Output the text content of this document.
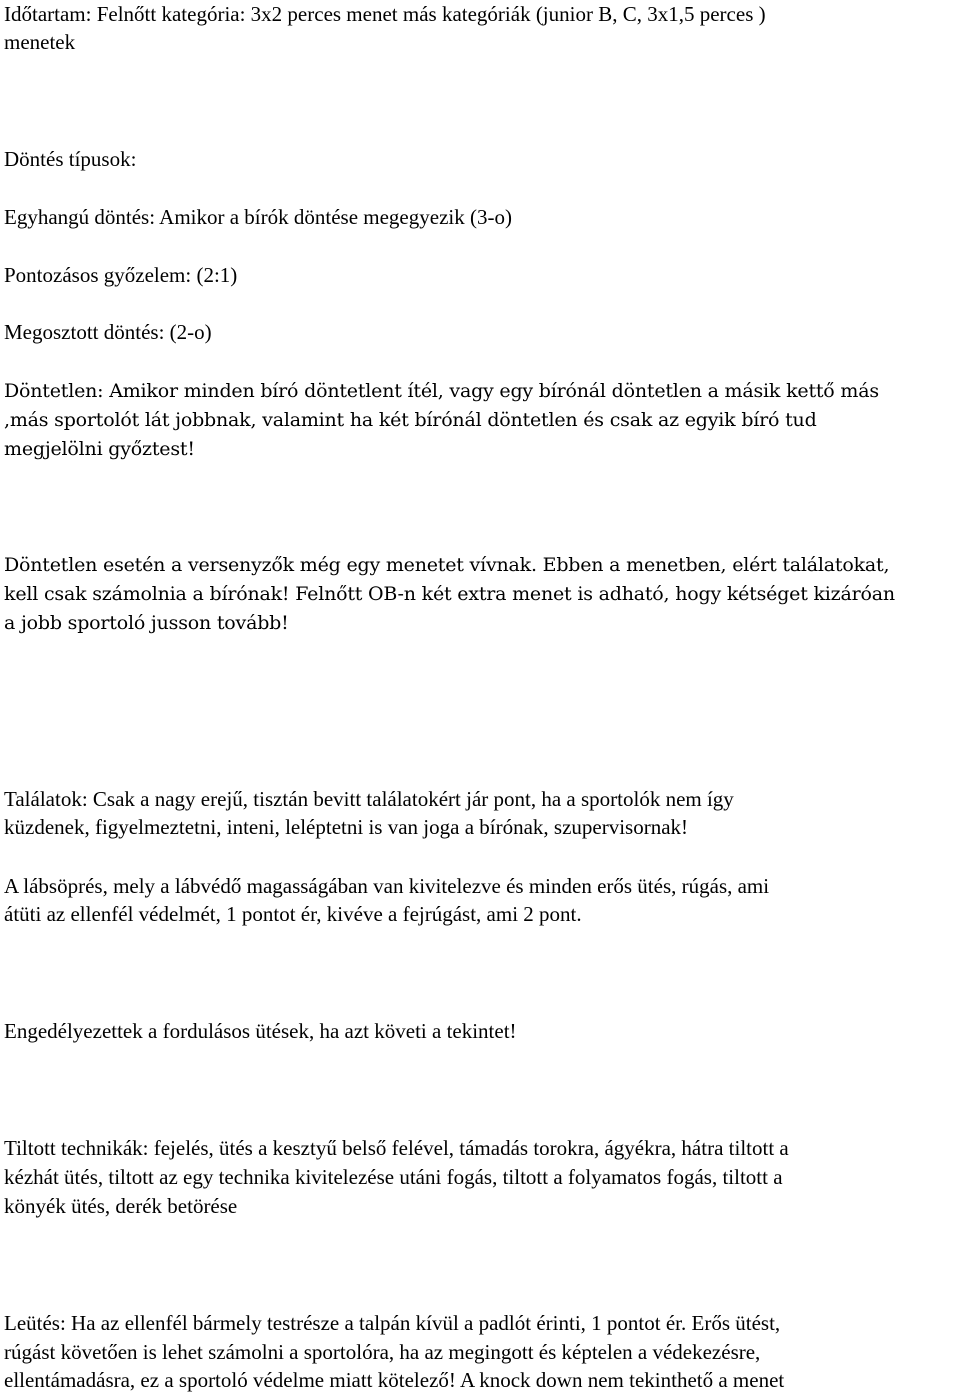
Időtartam: Felnőtt kategória: 3x2 perces menet más kategóriák (junior B, C, 3x1,5 perces )
menetek
Döntés típusok:
Egyhangú döntés: Amikor a bírók döntése megegyezik (3-o)
Pontozásos győzelem: (2:1)
Megosztott döntés: (2-o)
Döntetlen: Amikor minden bíró döntetlent ítél, vagy egy bírónál döntetlen a másik kettő más
,más sportolót lát jobbnak, valamint ha két bírónál döntetlen és csak az egyik bíró tud
megjelölni győztest!
Döntetlen esetén a versenyzők még egy menetet vívnak. Ebben a menetben, elért találatokat,
kell csak számolnia a bírónak! Felnőtt OB-n két extra menet is adható, hogy kétséget kizáróan
a jobb sportoló jusson tovább!
Találatok: Csak a nagy erejű, tisztán bevitt találatokért jár pont, ha a sportolók nem így
küzdenek, figyelmeztetni, inteni, leléptetni is van joga a bírónak, szupervisornak!
A lábsöprés, mely a lábvédő magasságában van kivitelezve és minden erős ütés, rúgás, ami
átüti az ellenfél védelmét, 1 pontot ér, kivéve a fejrúgást, ami 2 pont.
Engedélyezettek a fordulásos ütések, ha azt követi a tekintet!
Tiltott technikák: fejelés, ütés a kesztyű belső felével, támadás torokra, ágyékra, hátra tiltott a
kézhát ütés, tiltott az egy technika kivitelezése utáni fogás, tiltott a folyamatos fogás, tiltott a
könyék ütés, derék betörése
Leütés: Ha az ellenfél bármely testrésze a talpán kívül a padlót érinti, 1 pontot ér. Erős ütést,
rúgást követően is lehet számolni a sportolóra, ha az megingott és képtelen a védekezésre,
ellentámadásra, ez a sportoló védelme miatt kötelező! A knock down nem tekinthető a menet
